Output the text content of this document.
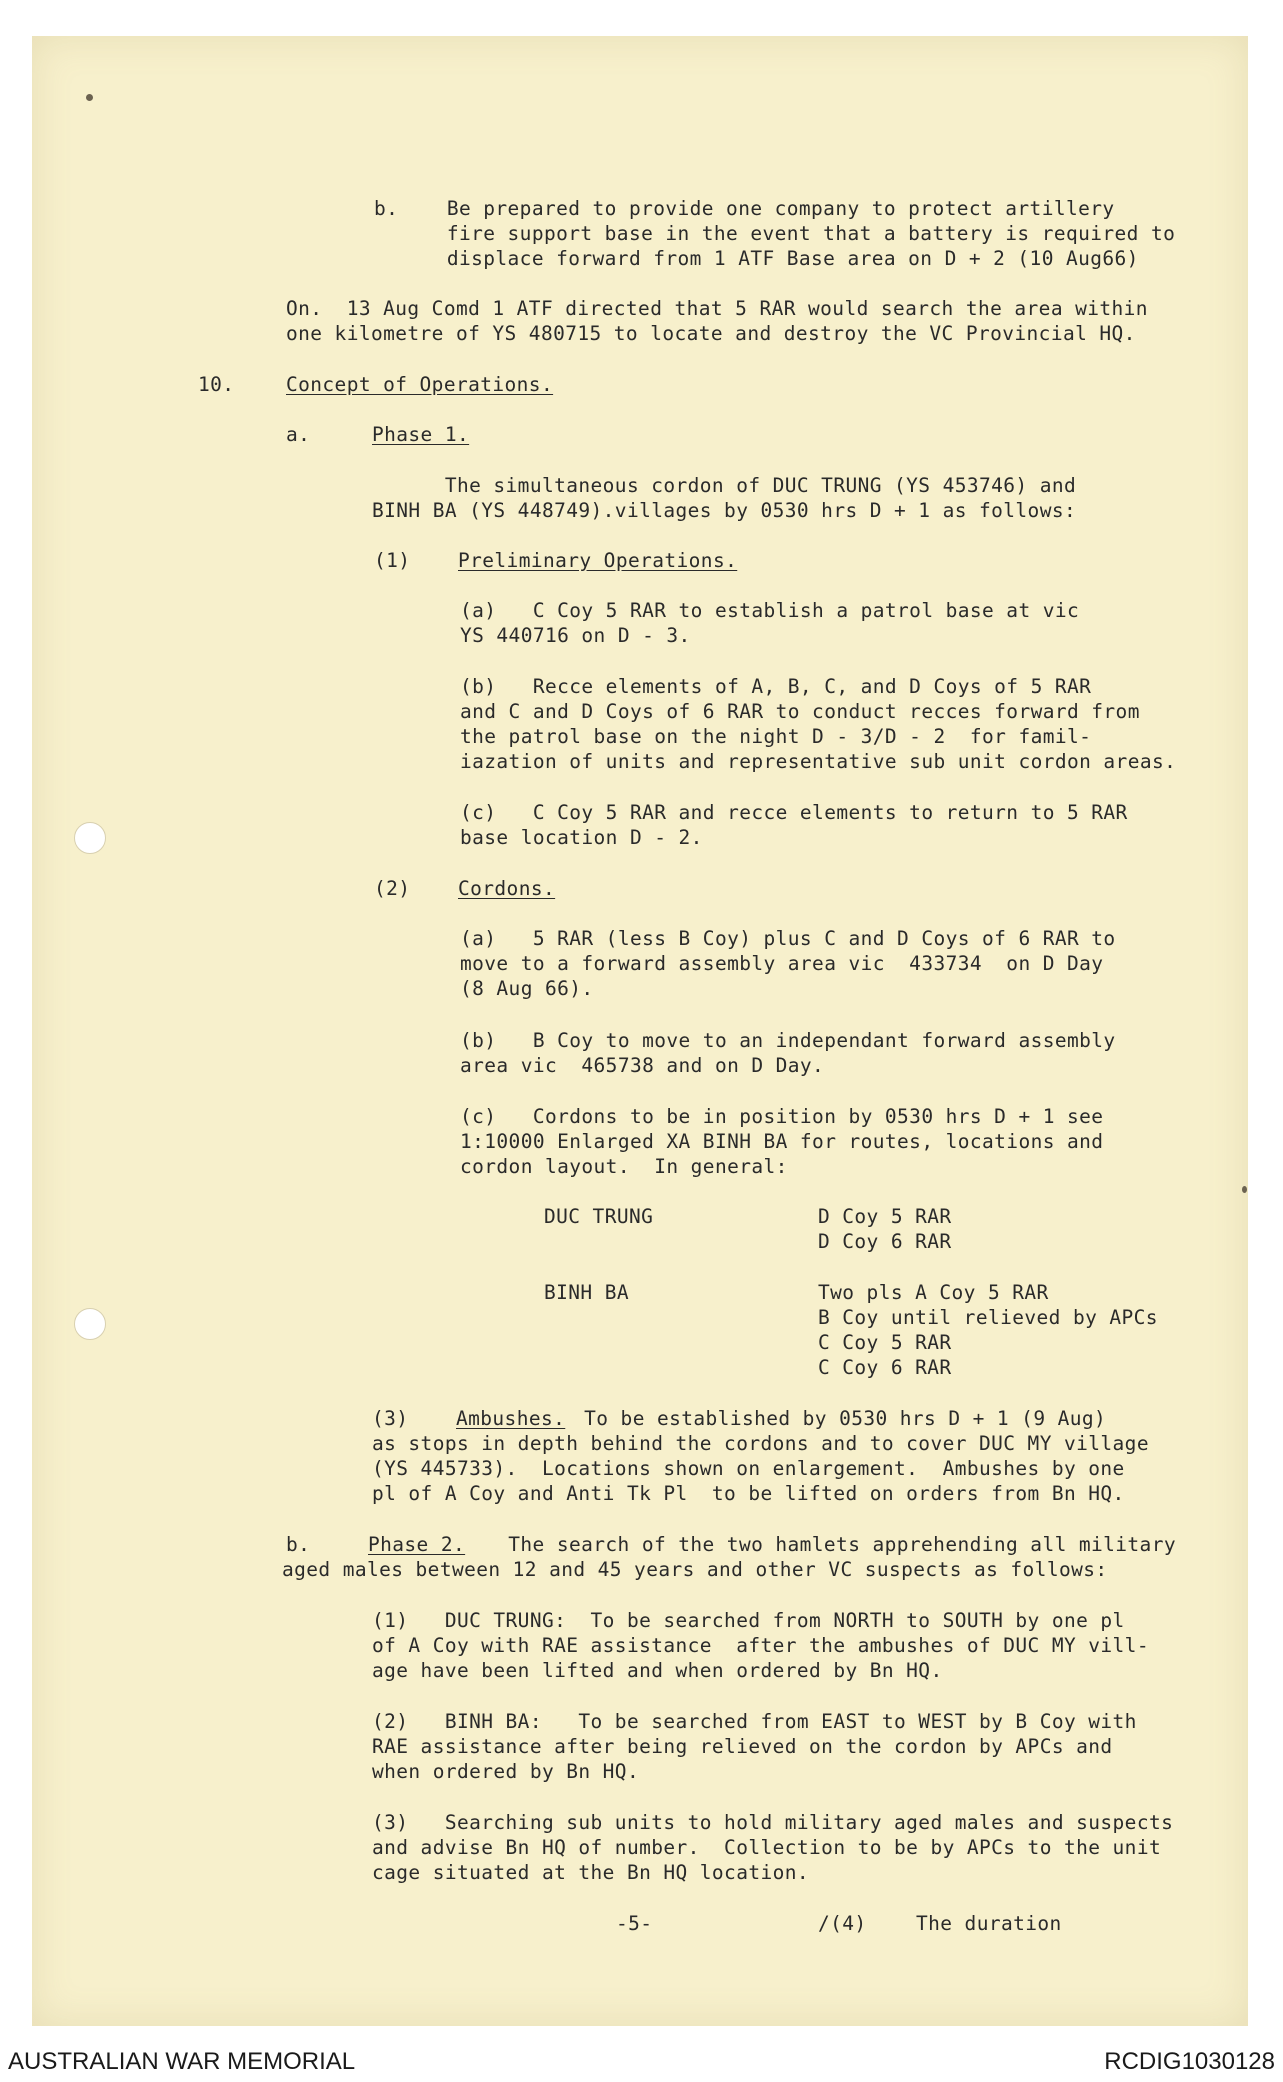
b.    Be prepared to provide one company to protect artillery
fire support base in the event that a battery is required to
displace forward from 1 ATF Base area on D + 2 (10 Aug66)
On.  13 Aug Comd 1 ATF directed that 5 RAR would search the area within
one kilometre of YS 480715 to locate and destroy the VC Provincial HQ.
10.	Concept of Operations.
a.	Phase 1.
The simultaneous cordon of DUC TRUNG (YS 453746) and
BINH BA (YS 448749).villages by 0530 hrs D + 1 as follows:
(1) Preliminary Operations.
(a)   C Coy 5 RAR to establish a patrol base at vic
YS 440716 on D - 3.
(b)   Recce elements of A, B, C, and D Coys of 5 RAR
and C and D Coys of 6 RAR to conduct recces forward from
the patrol base on the night D - 3/D - 2  for famil-
iazation of units and representative sub unit cordon areas.
(c)   C Coy 5 RAR and recce elements to return to 5 RAR
base location D - 2.
(2) Cordons.
(a)   5 RAR (less B Coy) plus C and D Coys of 6 RAR to
move to a forward assembly area vic  433734  on D Day
(8 Aug 66).
(b)   B Coy to move to an independant forward assembly
area vic  465738 and on D Day.
(c)   Cordons to be in position by 0530 hrs D + 1 see
1:10000 Enlarged XA BINH BA for routes, locations and
cordon layout.  In general:
DUC TRUNG	D Coy 5 RAR
D Coy 6 RAR
BINH BA	Two pls A Coy 5 RAR
B Coy until relieved by APCs
C Coy 5 RAR
C Coy 6 RAR
(3) Ambushes. To be established by 0530 hrs D + 1 (9 Aug)
as stops in depth behind the cordons and to cover DUC MY village
(YS 445733).  Locations shown on enlargement.  Ambushes by one
pl of A Coy and Anti Tk Pl  to be lifted on orders from Bn HQ.
b.	Phase 2. The search of the two hamlets apprehending all military
aged males between 12 and 45 years and other VC suspects as follows:
(1)   DUC TRUNG:  To be searched from NORTH to SOUTH by one pl
of A Coy with RAE assistance  after the ambushes of DUC MY vill-
age have been lifted and when ordered by Bn HQ.
(2)   BINH BA:   To be searched from EAST to WEST by B Coy with
RAE assistance after being relieved on the cordon by APCs and
when ordered by Bn HQ.
(3)   Searching sub units to hold military aged males and suspects
and advise Bn HQ of number.  Collection to be by APCs to the unit
cage situated at the Bn HQ location.
-5-	/(4)	The duration
AUSTRALIAN WAR MEMORIAL	RCDIG1030128
